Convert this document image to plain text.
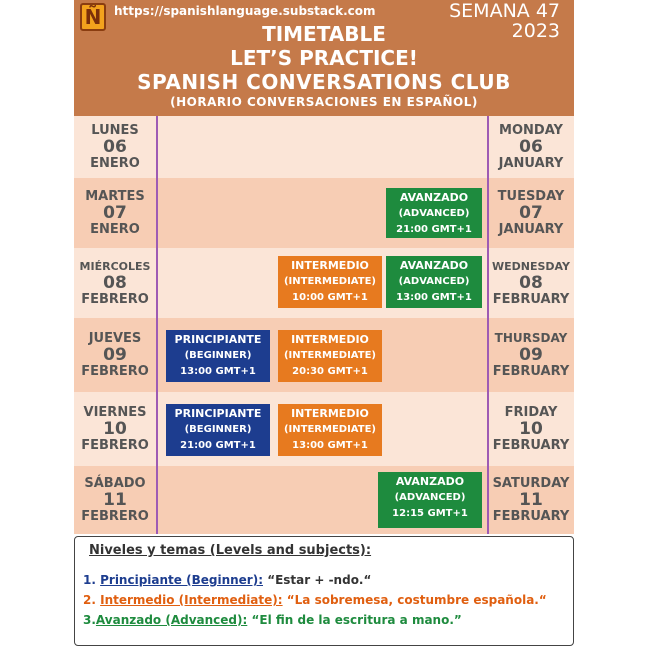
Ñ	https://spanishlanguage.substack.com	SEMANA 47
2023
TIMETABLE
LET’S PRACTICE!
SPANISH CONVERSATIONS CLUB
(HORARIO CONVERSACIONES EN ESPAÑOL)
LUNES
06
ENERO
MONDAY
06
JANUARY
MARTES
07
ENERO
AVANZADO
(ADVANCED)
21:00 GMT+1
TUESDAY
07
JANUARY
MIÉRCOLES
08
FEBRERO
INTERMEDIO
(INTERMEDIATE)
10:00 GMT+1
AVANZADO
(ADVANCED)
13:00 GMT+1
WEDNESDAY
08
FEBRUARY
JUEVES
09
FEBRERO
PRINCIPIANTE
(BEGINNER)
13:00 GMT+1
INTERMEDIO
(INTERMEDIATE)
20:30 GMT+1
THURSDAY
09
FEBRUARY
VIERNES
10
FEBRERO
PRINCIPIANTE
(BEGINNER)
21:00 GMT+1
INTERMEDIO
(INTERMEDIATE)
13:00 GMT+1
FRIDAY
10
FEBRUARY
SÁBADO
11
FEBRERO
AVANZADO
(ADVANCED)
12:15 GMT+1
SATURDAY
11
FEBRUARY
Niveles y temas (Levels and subjects):
1. Principiante (Beginner): “Estar + -ndo.“
2. Intermedio (Intermediate): “La sobremesa, costumbre española.“
3.Avanzado (Advanced): “El fin de la escritura a mano.”
